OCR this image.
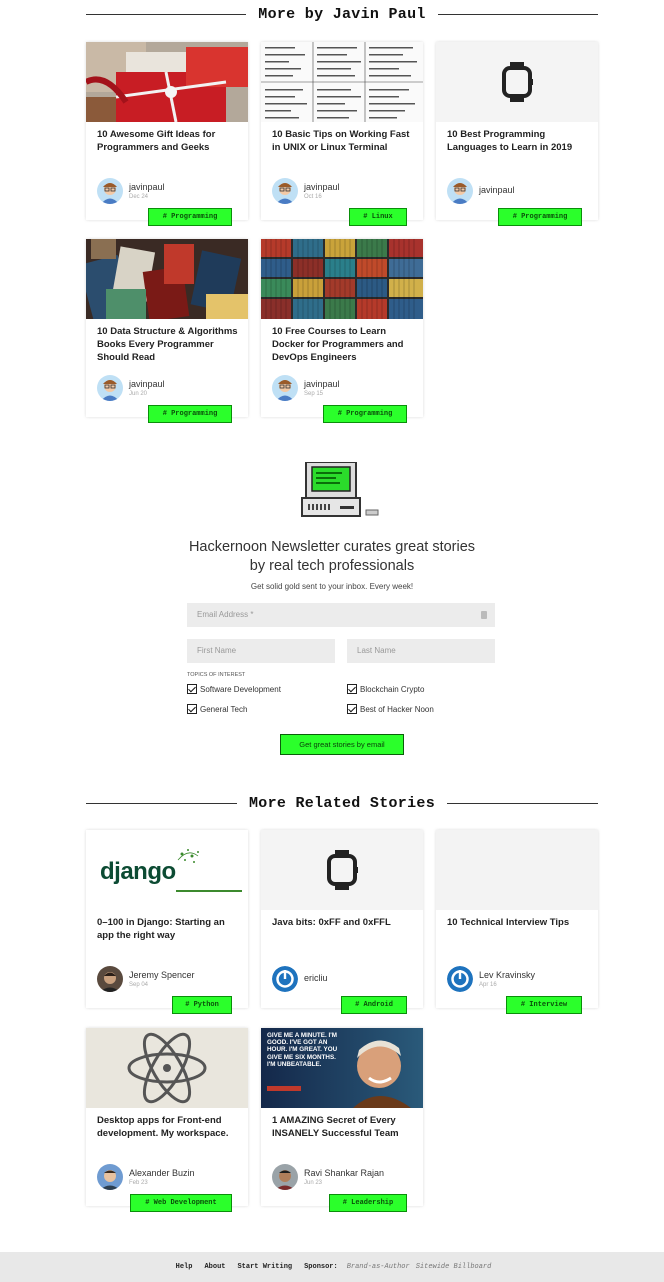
More by Javin Paul
10 Awesome Gift Ideas for Programmers and Geeks
javinpaul
Dec 24
# Programming
10 Basic Tips on Working Fast in UNIX or Linux Terminal
javinpaul
Oct 16
# Linux
10 Best Programming Languages to Learn in 2019
javinpaul
# Programming
10 Data Structure & Algorithms Books Every Programmer Should Read
javinpaul
Jun 20
# Programming
10 Free Courses to Learn Docker for Programmers and DevOps Engineers
javinpaul
Sep 15
# Programming
Hackernoon Newsletter curates great stories by real tech professionals
Get solid gold sent to your inbox. Every week!
Email Address *
First Name	Last Name
TOPICS OF INTEREST
Software Development	Blockchain Crypto
General Tech	Best of Hacker Noon
Get great stories by email
More Related Stories
django
0–100 in Django: Starting an app the right way
Jeremy Spencer
Sep 04
# Python
Java bits: 0xFF and 0xFFL
ericliu
# Android
10 Technical Interview Tips
Lev Kravinsky
Apr 16
# Interview
Desktop apps for Front-end development. My workspace.
Alexander Buzin
Feb 23
# Web Development
GIVE ME A MINUTE. I'M GOOD. I'VE GOT AN HOUR. I'M GREAT. YOU GIVE ME SIX MONTHS. I'M UNBEATABLE.
1 AMAZING Secret of Every INSANELY Successful Team
Ravi Shankar Rajan
Jun 23
# Leadership
Help About Start Writing Sponsor: Brand-as-Author Sitewide Billboard
